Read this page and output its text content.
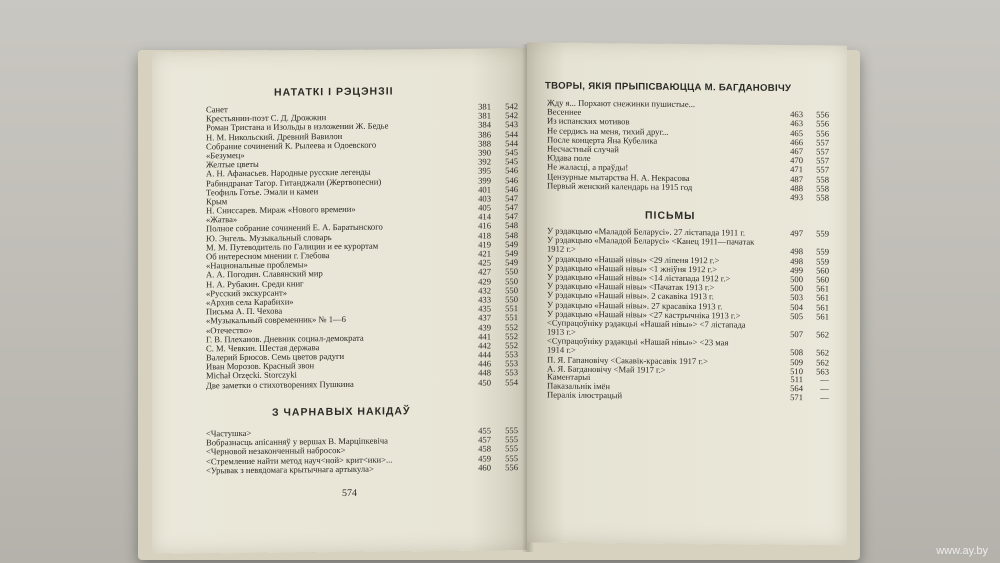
НАТАТКІ І РЭЦЭНЗІІ
Санет	381	542
Крестьянин-поэт С. Д. Дрожжин	381	542
Роман Тристана и Изольды в изложении Ж. Бедье	384	543
Н. М. Никольский. Древний Вавилон	386	544
Собрание сочинений К. Рылеева и Одоевского	388	544
«Безумец»	390	545
Желтые цветы	392	545
А. Н. Афанасьев. Народные русские легенды	395	546
Рабиндранат Тагор. Гитанджали (Жертвопесни)	399	546
Теофиль Готье. Эмали и камеи	401	546
Крым	403	547
Н. Сниссарев. Мираж «Нового времени»	405	547
«Жатва»	414	547
Полное собрание сочинений Е. А. Баратынского	416	548
Ю. Энгель. Музыкальный словарь	418	548
М. М. Путеводитель по Галиции и ее курортам	419	549
Об интересном мнении г. Глебова	421	549
«Национальные проблемы»	425	549
А. А. Погодин. Славянский мир	427	550
Н. А. Рубакин. Среди книг	429	550
«Русский экскурсант»	432	550
«Архив села Карабихи»	433	550
Письма А. П. Чехова	435	551
«Музыкальный современник» № 1—6	437	551
«Отечество»	439	552
Г. В. Плеханов. Дневник социал-демократа	441	552
С. М. Чевкин. Шестая держава	442	552
Валерий Брюсов. Семь цветов радуги	444	553
Иван Морозов. Красный звон	446	553
Michał Orzęcki. Storczyki	448	553
Две заметки о стихотворениях Пушкина	450	554
З ЧАРНАВЫХ НАКІДАЎ
<Частушка>	455	555
Вобразнасць апісанняў у вершах В. Марціпкевіча	457	555
<Черновой незаконченный набросок>	458	555
<Стремление найти метод науч<ной> крит<ики>...	459	555
<Урывак з невядомага крытычнага артыкула>	460	556
574
ТВОРЫ, ЯКІЯ ПРЫПІСВАЮЦЦА М. БАГДАНОВІЧУ
Жду я... Порхают снежинки пушистые...
Весеннее	463	556
Из испанских мотивов	463	556
Не сердись на меня, тихий друг...	465	556
После концерта Яна Кубелика	466	557
Несчастный случай	467	557
Юдава поле	470	557
Не жаласці, а праўды!	471	557
Цензурные мытарства Н. А. Некрасова	487	558
Первый женский календарь на 1915 год	488	558
493	558
ПІСЬМЫ
У рэдакцыю «Маладой Беларусі». 27 лістапада 1911 г.	497	559
У рэдакцыю «Маладой Беларусі» <Канец 1911—пачатак
1912 г.>	498	559
У рэдакцыю «Нашай нівы» <29 ліпеня 1912 г.>	498	559
У рэдакцыю «Нашай нівы» <1 жніўня 1912 г.>	499	560
У рэдакцыю «Нашай нівы» <14 лістапада 1912 г.>	500	560
У рэдакцыю «Нашай нівы» <Пачатак 1913 г.>	500	561
У рэдакцыю «Нашай нівы». 2 сакавіка 1913 г.	503	561
У рэдакцыю «Нашай нівы». 27 красавіка 1913 г.	504	561
У рэдакцыю «Нашай нівы» <27 кастрычніка 1913 г.>	505	561
<Супрацоўніку рэдакцыі «Нашай нівы»> <7 лістапада
1913 г.>	507	562
<Супрацоўніку рэдакцыі «Нашай нівы»> <23 мая
1914 г.>	508	562
П. Я. Гапановічу <Сакавік-красавік 1917 г.>	509	562
А. Я. Багдановічу <Май 1917 г.>	510	563
Каментарыі	511	—
Паказальнік імён	564	—
Пералік ілюстрацый	571	—
www.ay.by
